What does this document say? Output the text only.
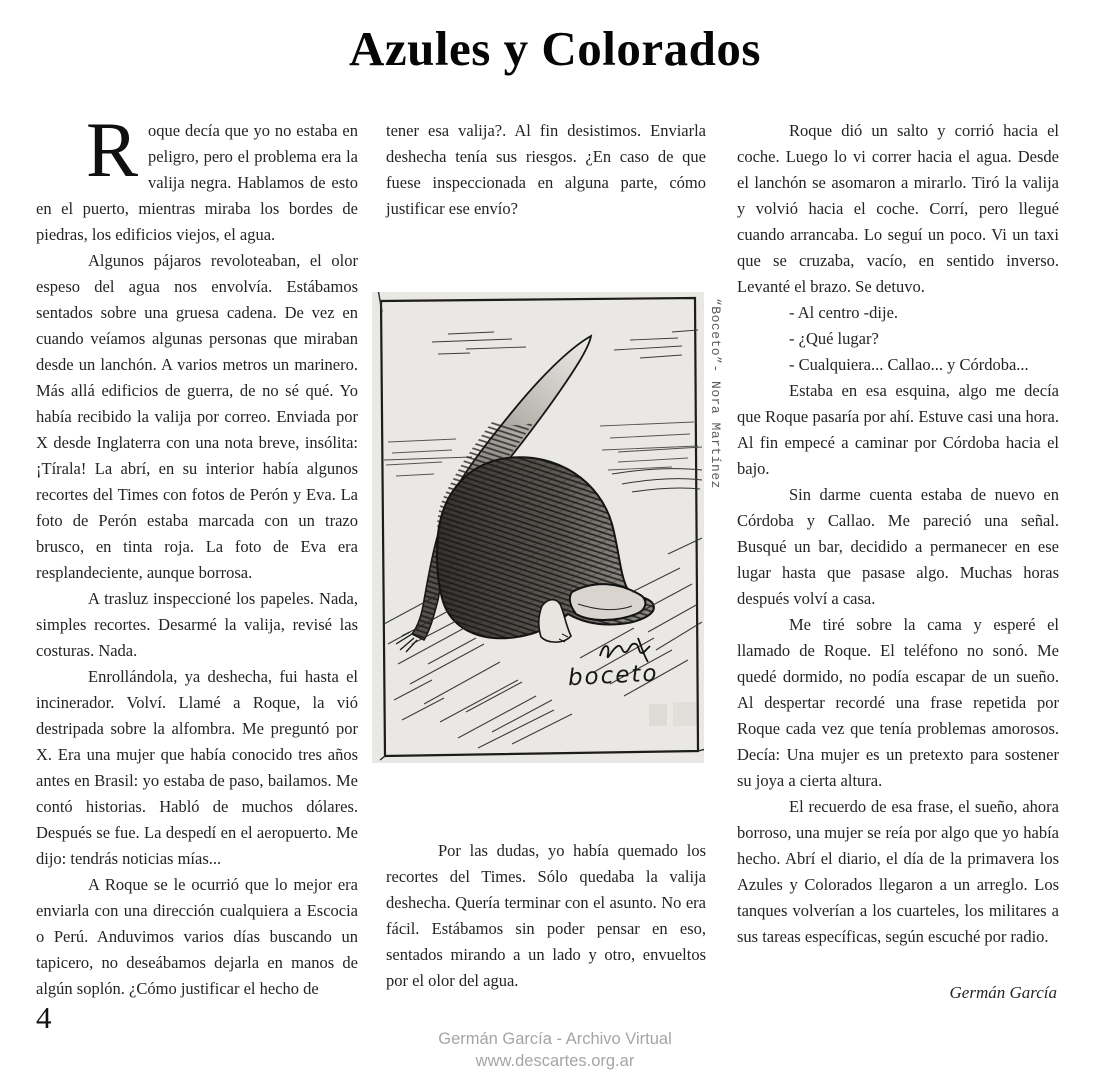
Azules y Colorados

Roque decía que yo no estaba en peligro, pero el problema era la valija negra. Hablamos de esto en el puerto, mientras miraba los bordes de piedras, los edificios viejos, el agua.

Algunos pájaros revoloteaban, el olor espeso del agua nos envolvía. Estábamos sentados sobre una gruesa cadena. De vez en cuando veíamos algunas personas que miraban desde un lanchón. A varios metros un marinero. Más allá edificios de guerra, de no sé qué. Yo había recibido la valija por correo. Enviada por X desde Inglaterra con una nota breve, insólita: ¡Tírala! La abrí, en su interior había algunos recortes del Times con fotos de Perón y Eva. La foto de Perón estaba marcada con un trazo brusco, en tinta roja. La foto de Eva era resplandeciente, aunque borrosa.

A trasluz inspeccioné los papeles. Nada, simples recortes. Desarmé la valija, revisé las costuras. Nada.

Enrollándola, ya deshecha, fui hasta el incinerador. Volví. Llamé a Roque, la vió destripada sobre la alfombra. Me preguntó por X. Era una mujer que había conocido tres años antes en Brasil: yo estaba de paso, bailamos. Me contó historias. Habló de muchos dólares. Después se fue. La despedí en el aeropuerto. Me dijo: tendrás noticias mías...

A Roque se le ocurrió que lo mejor era enviarla con una dirección cualquiera a Escocia o Perú. Anduvimos varios días buscando un tapicero, no deseábamos dejarla en manos de algún soplón. ¿Cómo justificar el hecho de

tener esa valija?. Al fin desistimos. Enviarla deshecha tenía sus riesgos. ¿En caso de que fuese inspeccionada en alguna parte, cómo justificar ese envío?

boceto
“Boceto”- Nora Martínez

Por las dudas, yo había quemado los recortes del Times. Sólo quedaba la valija deshecha. Quería terminar con el asunto. No era fácil. Estábamos sin poder pensar en eso, sentados mirando a un lado y otro, envueltos por el olor del agua.

Roque dió un salto y corrió hacia el coche. Luego lo vi correr hacia el agua. Desde el lanchón se asomaron a mirarlo. Tiró la valija y volvió hacia el coche. Corrí, pero llegué cuando arrancaba. Lo seguí un poco. Vi un taxi que se cruzaba, vacío, en sentido inverso. Levanté el brazo. Se detuvo.

- Al centro -dije.

- ¿Qué lugar?

- Cualquiera... Callao... y Córdoba...

Estaba en esa esquina, algo me decía que Roque pasaría por ahí. Estuve casi una hora. Al fin empecé a caminar por Córdoba hacia el bajo.

Sin darme cuenta estaba de nuevo en Córdoba y Callao. Me pareció una señal. Busqué un bar, decidido a permanecer en ese lugar hasta que pasase algo. Muchas horas después volví a casa.

Me tiré sobre la cama y esperé el llamado de Roque. El teléfono no sonó. Me quedé dormido, no podía escapar de un sueño. Al despertar recordé una frase repetida por Roque cada vez que tenía problemas amorosos. Decía: Una mujer es un pretexto para sostener su joya a cierta altura.

El recuerdo de esa frase, el sueño, ahora borroso, una mujer se reía por algo que yo había hecho. Abrí el diario, el día de la primavera los Azules y Colorados llegaron a un arreglo. Los tanques volverían a los cuarteles, los militares a sus tareas específicas, según escuché por radio.

Germán García

4
Germán García - Archivo Virtual
www.descartes.org.ar
